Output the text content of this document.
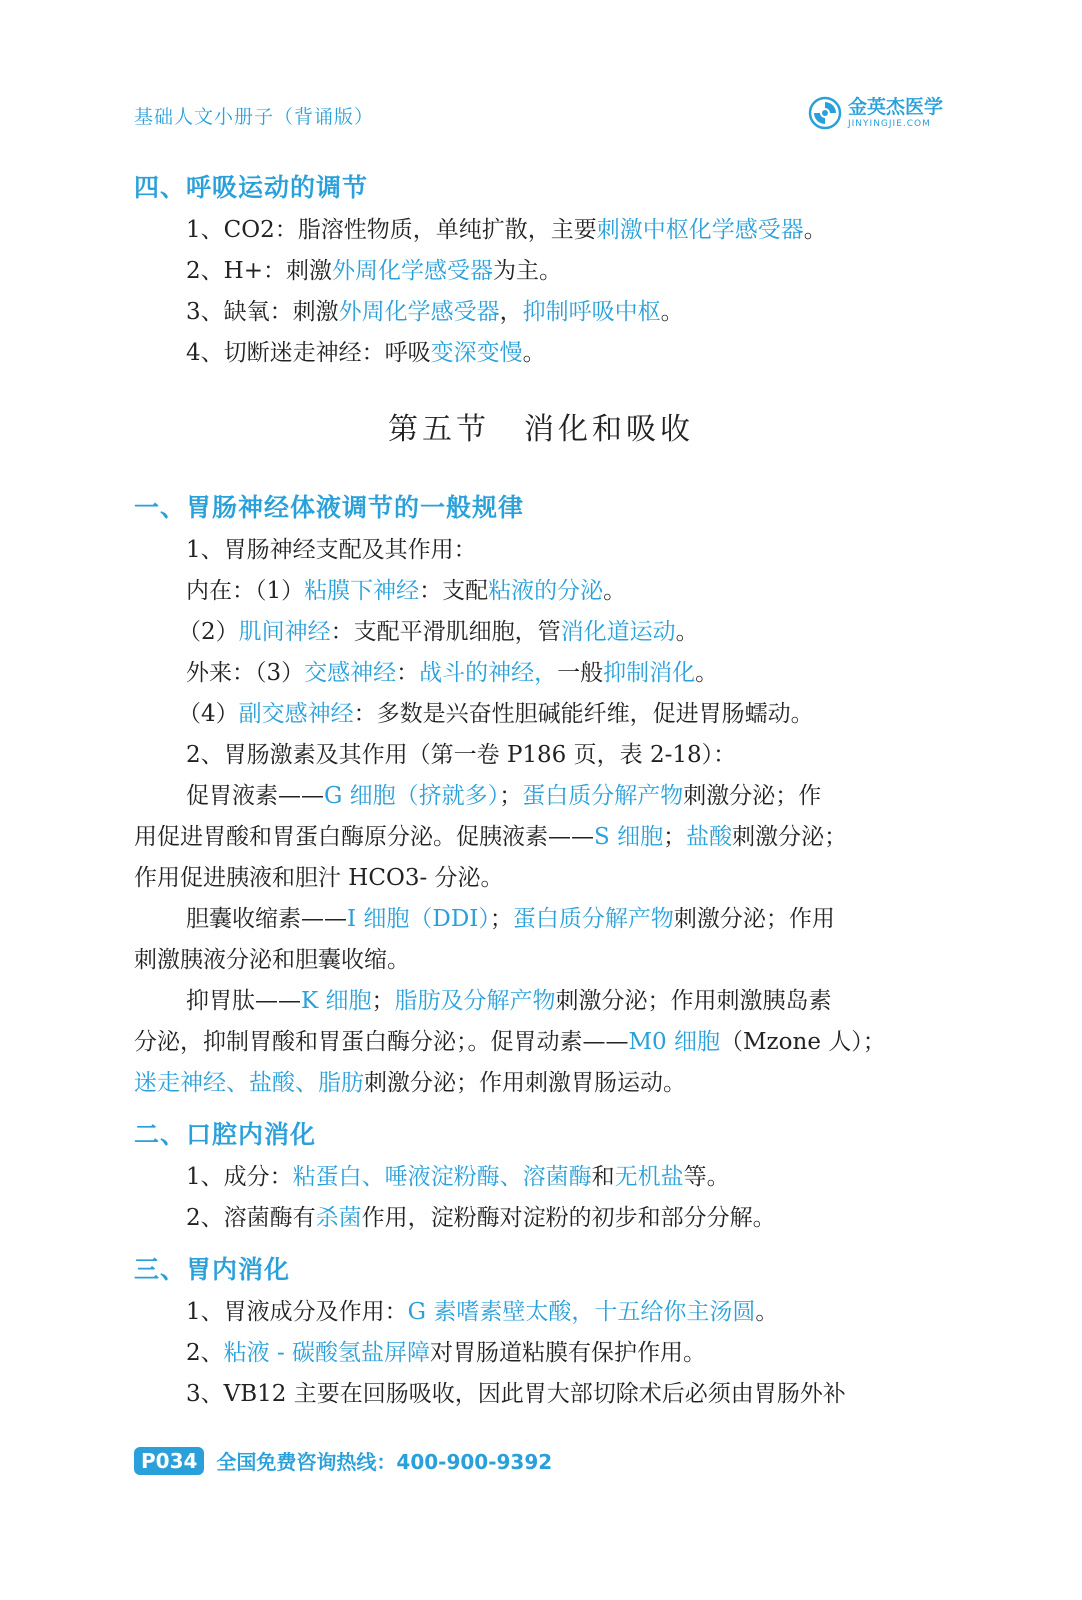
基础人文小册子（背诵版）	金英杰医学
JINYINGJIE.COM
四、呼吸运动的调节
1、CO2：脂溶性物质，单纯扩散，主要刺激中枢化学感受器。
2、H+：刺激外周化学感受器为主。
3、缺氧：刺激外周化学感受器，抑制呼吸中枢。
4、切断迷走神经：呼吸变深变慢。
第五节　消化和吸收
一、胃肠神经体液调节的一般规律
1、胃肠神经支配及其作用：
内在：（1）粘膜下神经：支配粘液的分泌。
（2）肌间神经：支配平滑肌细胞，管消化道运动。
外来：（3）交感神经：战斗的神经，一般抑制消化。
（4）副交感神经：多数是兴奋性胆碱能纤维，促进胃肠蠕动。
2、胃肠激素及其作用（第一卷 P186 页，表 2-18）：
促胃液素——G 细胞（挤就多）；蛋白质分解产物刺激分泌；作
用促进胃酸和胃蛋白酶原分泌。促胰液素——S 细胞；盐酸刺激分泌；
作用促进胰液和胆汁 HCO3- 分泌。
胆囊收缩素——I 细胞（DDI）；蛋白质分解产物刺激分泌；作用
刺激胰液分泌和胆囊收缩。
抑胃肽——K 细胞；脂肪及分解产物刺激分泌；作用刺激胰岛素
分泌，抑制胃酸和胃蛋白酶分泌；。促胃动素——M0 细胞（Mzone 人）；
迷走神经、盐酸、脂肪刺激分泌；作用刺激胃肠运动。
二、口腔内消化
1、成分：粘蛋白、唾液淀粉酶、溶菌酶和无机盐等。
2、溶菌酶有杀菌作用，淀粉酶对淀粉的初步和部分分解。
三、胃内消化
1、胃液成分及作用：G 素嗜素壁太酸，十五给你主汤圆。
2、粘液 - 碳酸氢盐屏障对胃肠道粘膜有保护作用。
3、VB12 主要在回肠吸收，因此胃大部切除术后必须由胃肠外补
P034 全国免费咨询热线：400-900-9392
